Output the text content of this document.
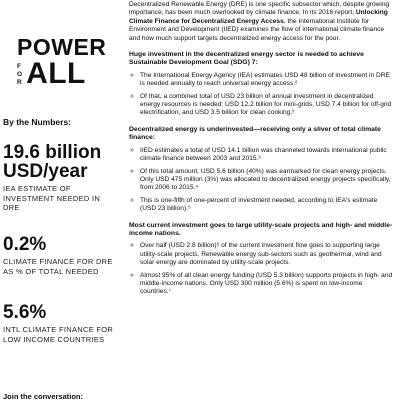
POWER
F
O
R ALL
By the Numbers:
19.6 billion USD/year
IEA ESTIMATE OF INVESTMENT NEEDED IN DRE
0.2%
CLIMATE FINANCE FOR DRE AS % OF TOTAL NEEDED
5.6%
INTL CLIMATE FINANCE FOR LOW INCOME COUNTRIES
Join the conversation:

Decentralized Renewable Energy (DRE) is one specific subsector which, despite growing importance, has been much overlooked by climate finance. In its 2016 report, Unlocking Climate Finance for Decentralized Energy Access, the International Institute for Environment and Development (IIED) examines the flow of international climate finance and how much support targets decentralized energy access for the poor.

Huge investment in the decentralized energy sector is needed to achieve Sustainable Development Goal (SDG) 7:

» The International Energy Agency (IEA) estimates USD 48 billion of investment in DRE is needed annually to reach universal energy access.²
» Of that, a combined total of USD 23 billion of annual investment in decentralized energy resources is needed: USD 12.2 billion for mini-grids, USD 7.4 billion for off-grid electrification, and USD 3.5 billion for clean cooking.³

Decentralized energy is underinvested—receiving only a sliver of total climate finance:

» IIED estimates a total of USD 14.1 billion was channeled towards international public climate finance between 2003 and 2015.³
» Of this total amount, USD 5.6 billion (40%) was earmarked for clean energy projects. Only USD 475 million (3%) was allocated to decentralized energy projects specifically, from 2006 to 2015.⁴
» This is one-fifth of one-percent of investment needed, according to IEA's estimate (USD 23 billion).⁵

Most current investment goes to large utility-scale projects and high- and middle-income nations.

» Over half (USD 2.8 billion)⁶ of the current investment flow goes to supporting large utility-scale projects. Renewable energy sub-sectors such as geothermal, wind and solar energy are dominated by utility-scale projects.
» Almost 95% of all clean energy funding (USD 5.3 billion) supports projects in high- and middle-income nations. Only USD 300 million (5.6%) is spent on low-income countries.⁷
